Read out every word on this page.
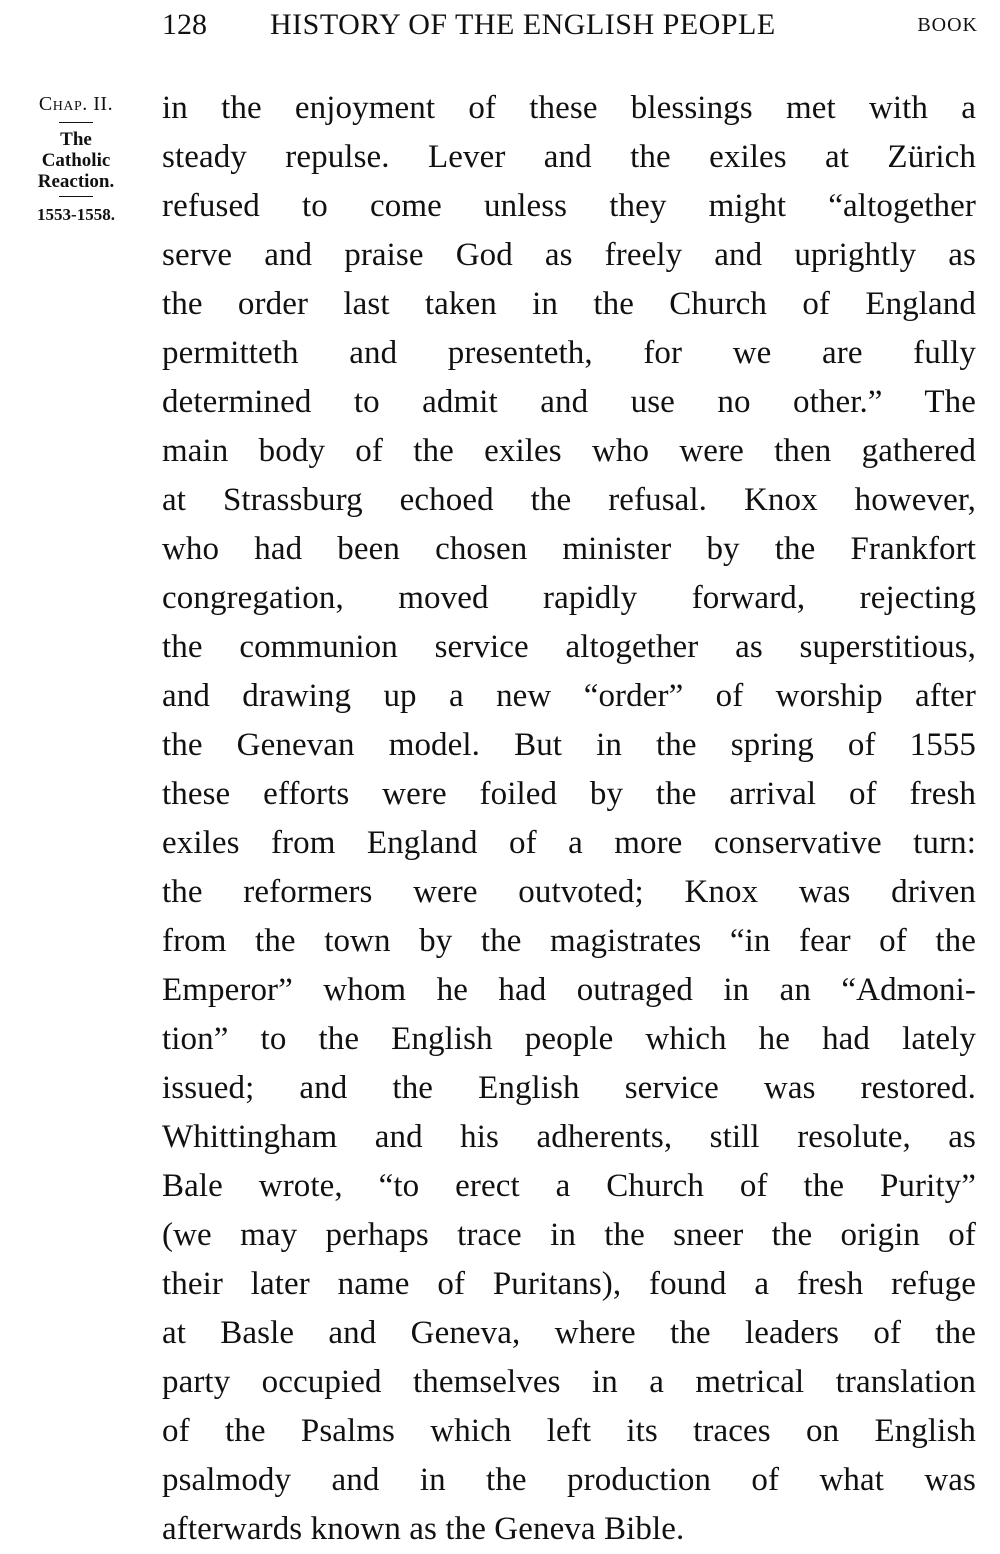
128 HISTORY OF THE ENGLISH PEOPLE	BOOK
Chap. II.
The
Catholic
Reaction.
1553-1558.
in the enjoyment of these blessings met with a
steady repulse. Lever and the exiles at Zürich
refused to come unless they might “altogether
serve and praise God as freely and uprightly as
the order last taken in the Church of England
permitteth and presenteth, for we are fully
determined to admit and use no other.” The
main body of the exiles who were then gathered
at Strassburg echoed the refusal. Knox however,
who had been chosen minister by the Frankfort
congregation, moved rapidly forward, rejecting
the communion service altogether as superstitious,
and drawing up a new “order” of worship after
the Genevan model. But in the spring of 1555
these efforts were foiled by the arrival of fresh
exiles from England of a more conservative turn:
the reformers were outvoted; Knox was driven
from the town by the magistrates “in fear of the
Emperor” whom he had outraged in an “Admoni-
tion” to the English people which he had lately
issued; and the English service was restored.
Whittingham and his adherents, still resolute, as
Bale wrote, “to erect a Church of the Purity”
(we may perhaps trace in the sneer the origin of
their later name of Puritans), found a fresh refuge
at Basle and Geneva, where the leaders of the
party occupied themselves in a metrical translation
of the Psalms which left its traces on English
psalmody and in the production of what was
afterwards known as the Geneva Bible.
